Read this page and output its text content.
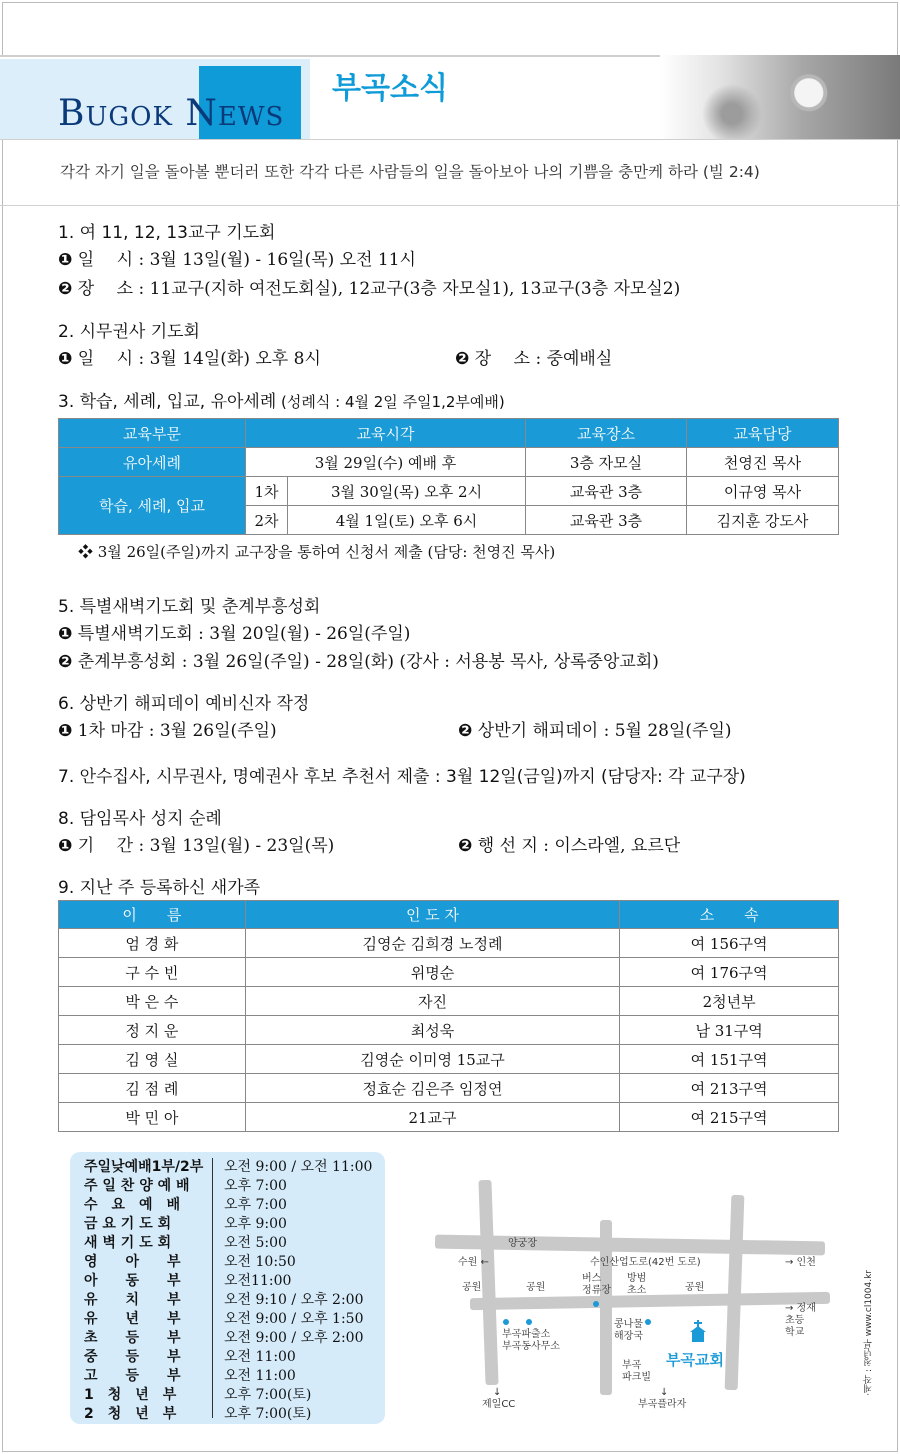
BUGOK NEWS
부곡소식
각각 자기 일을 돌아볼 뿐더러 또한 각각 다른 사람들의 일을 돌아보아 나의 기쁨을 충만케 하라 (빌 2:4)
1. 여 11, 12, 13교구 기도회
❶ 일　 시 : 3월 13일(월) - 16일(목) 오전 11시
❷ 장　 소 : 11교구(지하 여전도회실), 12교구(3층 자모실1), 13교구(3층 자모실2)
2. 시무권사 기도회
❶ 일　 시 : 3월 14일(화) 오후 8시	❷ 장　 소 : 중예배실
3. 학습, 세례, 입교, 유아세례 (성례식 : 4월 2일 주일1,2부예배)
교육부문	교육시각		교육장소	교육담당
유아세례	3월 29일(수) 예배 후		3층 자모실	천영진 목사
학습, 세례, 입교	1차	3월 30일(목) 오후 2시	교육관 3층	이규영 목사
	2차	4월 1일(토) 오후 6시	교육관 3층	김지훈 강도사
❖ 3월 26일(주일)까지 교구장을 통하여 신청서 제출 (담당: 천영진 목사)
5. 특별새벽기도회 및 춘계부흥성회
❶ 특별새벽기도회 : 3월 20일(월) - 26일(주일)
❷ 춘계부흥성회 : 3월 26일(주일) - 28일(화) (강사 : 서용봉 목사, 상록중앙교회)
6. 상반기 해피데이 예비신자 작정
❶ 1차 마감 : 3월 26일(주일)	❷ 상반기 해피데이 : 5월 28일(주일)
7. 안수집사, 시무권사, 명예권사 후보 추천서 제출 : 3월 12일(금일)까지 (담당자: 각 교구장)
8. 담임목사 성지 순례
❶ 기　 간 : 3월 13일(월) - 23일(목)	❷ 행 선 지 : 이스라엘, 요르단
9. 지난 주 등록하신 새가족
이　　름	인 도 자	소　　속
엄 경 화	김영순 김희경 노정례	여 156구역
구 수 빈	위명순	여 176구역
박 은 수	자진	2청년부
정 지 운	최성욱	남 31구역
김 영 실	김영순 이미영 15교구	여 151구역
김 점 례	정효순 김은주 임정연	여 213구역
박 민 아	21교구	여 215구역
주일낮예배1부/2부 오전 9:00 / 오전 11:00
주 일 찬 양 예 배	오후 7:00
수　요　예　배	오후 7:00
금 요 기 도 회	오후 9:00
새 벽 기 도 회	오전 5:00
영　　아　　부	오전 10:50
아　　동　　부	오전11:00
유　　치　　부	오전 9:10 / 오후 2:00
유　　년　　부	오전 9:00 / 오후 1:50
초　　등　　부	오전 9:00 / 오후 2:00
중　　등　　부	오전 11:00
고　　등　　부	오전 11:00
1　청　년　부	오후 7:00(토)
2　청　년　부	오후 7:00(토)
양궁장
수원 ←	수인산업도로(42번 도로)	→ 인천
공원	공원	공원
버스
정류장
방범
초소
→ 정재
초등
학교
부곡파출소
부곡동사무소
콩나물
해장국
부곡
파크빌
부곡교회
↓
제일CC
↓
부곡플라자
·제작 : 청년부 www.cl1004.kr
